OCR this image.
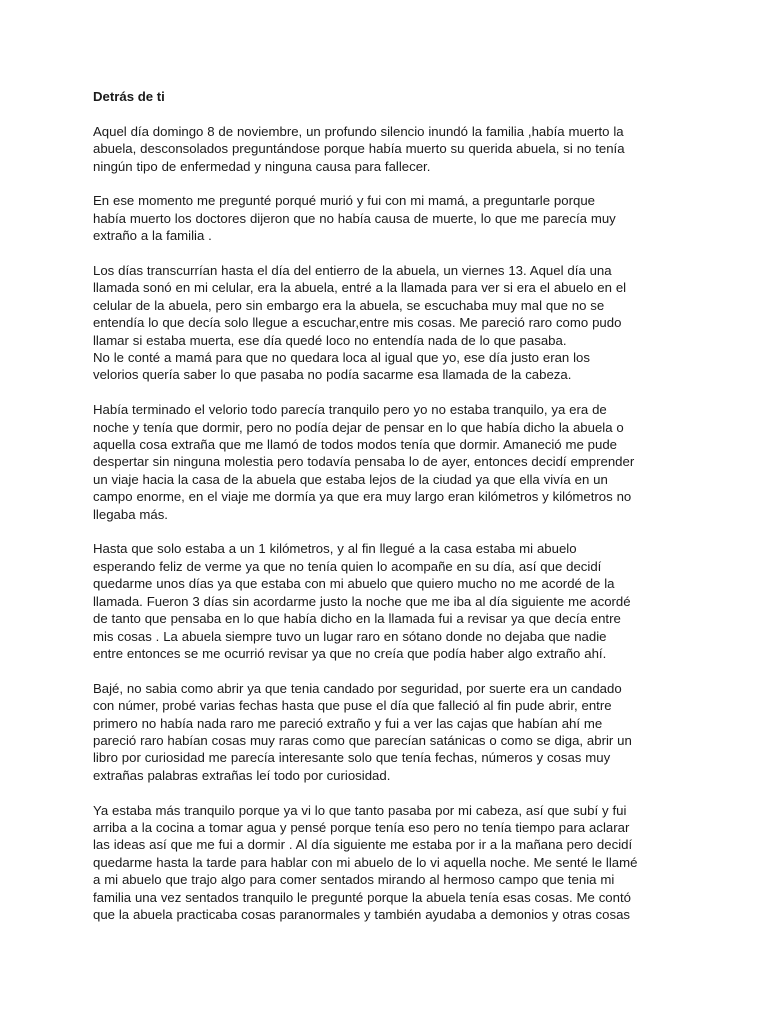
Detrás de ti

Aquel día domingo 8 de noviembre, un profundo silencio inundó la familia ,había muerto la
abuela, desconsolados preguntándose porque había muerto su querida abuela, si no tenía
ningún tipo de enfermedad y ninguna causa para fallecer.

En ese momento me pregunté porqué murió y fui con mi mamá, a preguntarle porque
había muerto los doctores dijeron que no había causa de muerte, lo que me parecía muy
extraño a la familia .

Los días transcurrían hasta el día del entierro de la abuela, un viernes 13. Aquel día una
llamada sonó en mi celular, era la abuela, entré a la llamada para ver si era el abuelo en el
celular de la abuela, pero sin embargo era la abuela, se escuchaba muy mal que no se
entendía lo que decía solo llegue a escuchar,entre mis cosas. Me pareció raro como pudo
llamar si estaba muerta, ese día quedé loco no entendía nada de lo que pasaba.
No le conté a mamá para que no quedara loca al igual que yo, ese día justo eran los
velorios quería saber lo que pasaba no podía sacarme esa llamada de la cabeza.

Había terminado el velorio todo parecía tranquilo pero yo no estaba tranquilo, ya era de
noche y tenía que dormir, pero no podía dejar de pensar en lo que había dicho la abuela o
aquella cosa extraña que me llamó de todos modos tenía que dormir. Amaneció me pude
despertar sin ninguna molestia pero todavía pensaba lo de ayer, entonces decidí emprender
un viaje hacia la casa de la abuela que estaba lejos de la ciudad ya que ella vivía en un
campo enorme, en el viaje me dormía ya que era muy largo eran kilómetros y kilómetros no
llegaba más.

Hasta que solo estaba a un 1 kilómetros, y al fin llegué a la casa estaba mi abuelo
esperando feliz de verme ya que no tenía quien lo acompañe en su día, así que decidí
quedarme unos días ya que estaba con mi abuelo que quiero mucho no me acordé de la
llamada. Fueron 3 días sin acordarme justo la noche que me iba al día siguiente me acordé
de tanto que pensaba en lo que había dicho en la llamada fui a revisar ya que decía entre
mis cosas . La abuela siempre tuvo un lugar raro en sótano donde no dejaba que nadie
entre entonces se me ocurrió revisar ya que no creía que podía haber algo extraño ahí.

Bajé, no sabia como abrir ya que tenia candado por seguridad, por suerte era un candado
con númer, probé varias fechas hasta que puse el día que falleció al fin pude abrir, entre
primero no había nada raro me pareció extraño y fui a ver las cajas que habían ahí me
pareció raro habían cosas muy raras como que parecían satánicas o como se diga, abrir un
libro por curiosidad me parecía interesante solo que tenía fechas, números y cosas muy
extrañas palabras extrañas leí todo por curiosidad.

Ya estaba más tranquilo porque ya vi lo que tanto pasaba por mi cabeza, así que subí y fui
arriba a la cocina a tomar agua y pensé porque tenía eso pero no tenía tiempo para aclarar
las ideas así que me fui a dormir . Al día siguiente me estaba por ir a la mañana pero decidí
quedarme hasta la tarde para hablar con mi abuelo de lo vi aquella noche. Me senté le llamé
a mi abuelo que trajo algo para comer sentados mirando al hermoso campo que tenia mi
familia una vez sentados tranquilo le pregunté porque la abuela tenía esas cosas. Me contó
que la abuela practicaba cosas paranormales y también ayudaba a demonios y otras cosas
